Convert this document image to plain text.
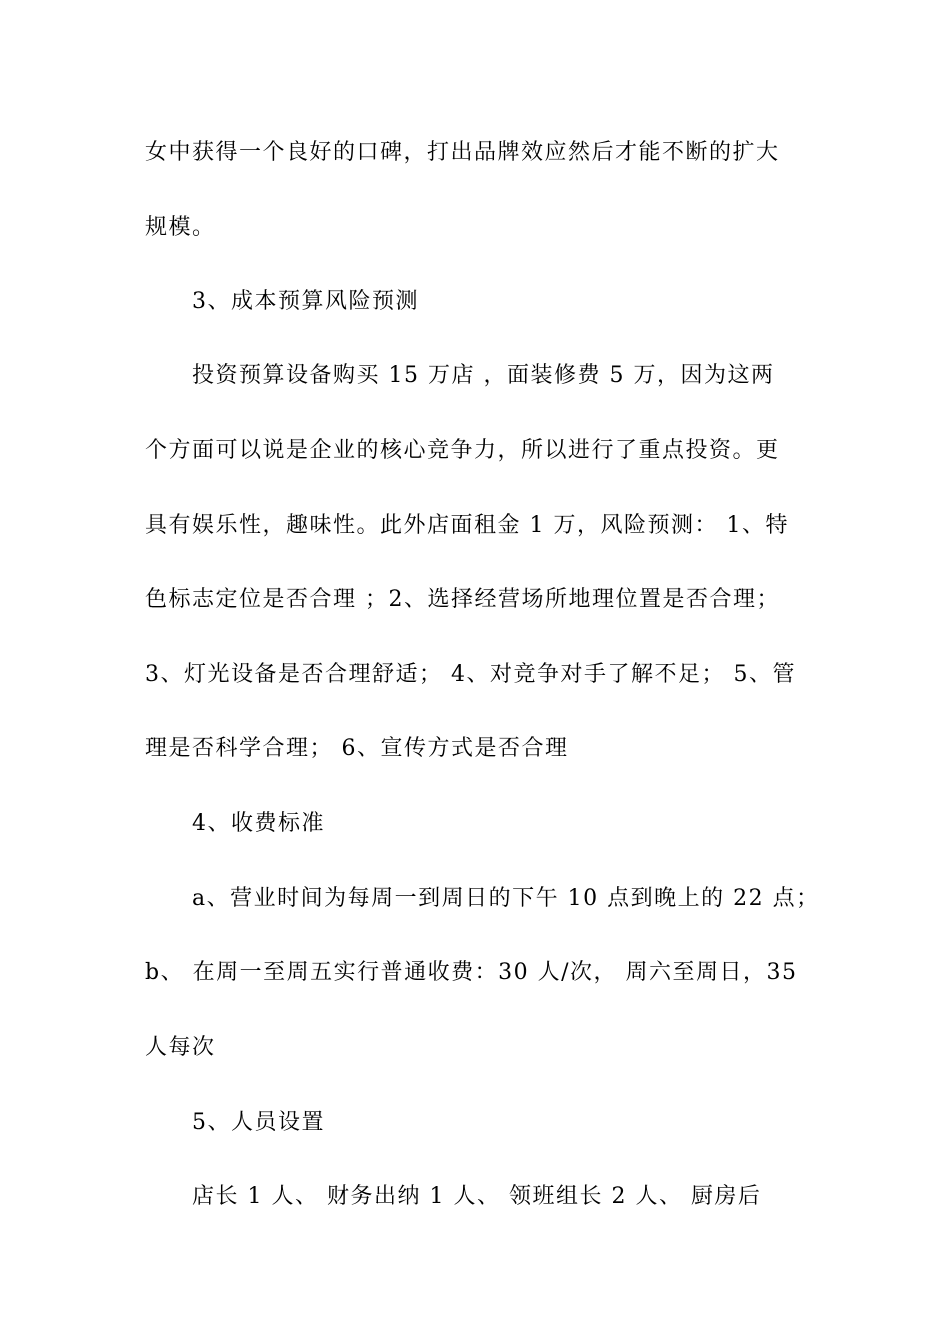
女中获得一个良好的口碑，打出品牌效应然后才能不断的扩大
规模。
3、成本预算风险预测
投资预算设备购买 15 万店 ，面装修费 5 万，因为这两
个方面可以说是企业的核心竞争力，所以进行了重点投资。更
具有娱乐性，趣味性。此外店面租金 1 万，风险预测： 1、特
色标志定位是否合理 ；2、选择经营场所地理位置是否合理；
3、灯光设备是否合理舒适； 4、对竞争对手了解不足； 5、管
理是否科学合理； 6、宣传方式是否合理
4、收费标准
a、营业时间为每周一到周日的下午 10 点到晚上的 22 点；
b、 在周一至周五实行普通收费：30 人/次， 周六至周日，35
人每次
5、人员设置
店长 1 人、 财务出纳 1 人、 领班组长 2 人、 厨房后
